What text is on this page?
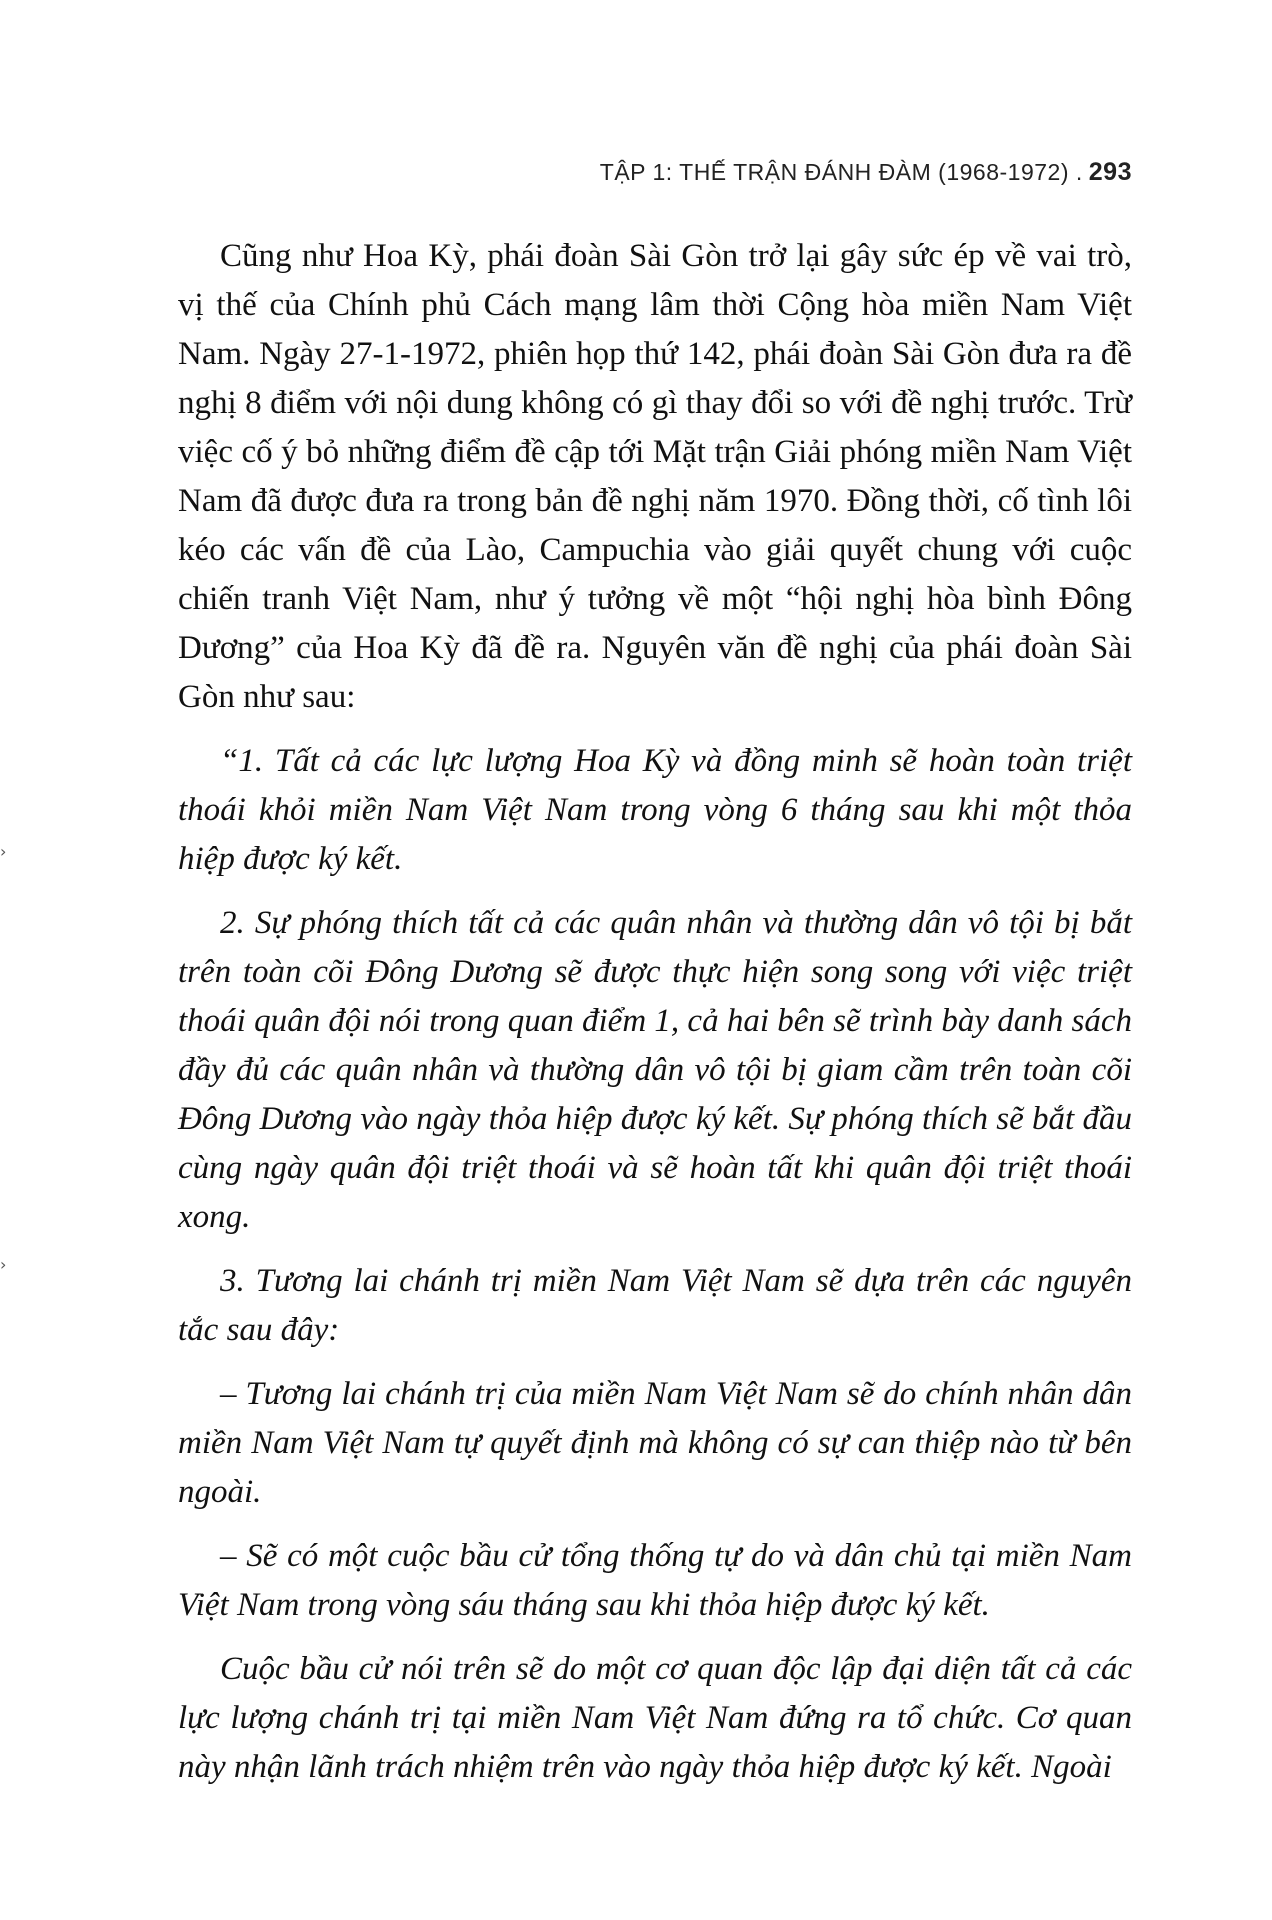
TẬP 1: THẾ TRẬN ĐÁNH ĐÀM (1968-1972) . 293
›
›

Cũng như Hoa Kỳ, phái đoàn Sài Gòn trở lại gây sức ép về vai trò, vị thế của Chính phủ Cách mạng lâm thời Cộng hòa miền Nam Việt Nam. Ngày 27-1-1972, phiên họp thứ 142, phái đoàn Sài Gòn đưa ra đề nghị 8 điểm với nội dung không có gì thay đổi so với đề nghị trước. Trừ việc cố ý bỏ những điểm đề cập tới Mặt trận Giải phóng miền Nam Việt Nam đã được đưa ra trong bản đề nghị năm 1970. Đồng thời, cố tình lôi kéo các vấn đề của Lào, Campuchia vào giải quyết chung với cuộc chiến tranh Việt Nam, như ý tưởng về một “hội nghị hòa bình Đông Dương” của Hoa Kỳ đã đề ra. Nguyên văn đề nghị của phái đoàn Sài Gòn như sau:

“1. Tất cả các lực lượng Hoa Kỳ và đồng minh sẽ hoàn toàn triệt thoái khỏi miền Nam Việt Nam trong vòng 6 tháng sau khi một thỏa hiệp được ký kết.

2. Sự phóng thích tất cả các quân nhân và thường dân vô tội bị bắt trên toàn cõi Đông Dương sẽ được thực hiện song song với việc triệt thoái quân đội nói trong quan điểm 1, cả hai bên sẽ trình bày danh sách đầy đủ các quân nhân và thường dân vô tội bị giam cầm trên toàn cõi Đông Dương vào ngày thỏa hiệp được ký kết. Sự phóng thích sẽ bắt đầu cùng ngày quân đội triệt thoái và sẽ hoàn tất khi quân đội triệt thoái xong.

3. Tương lai chánh trị miền Nam Việt Nam sẽ dựa trên các nguyên tắc sau đây:

– Tương lai chánh trị của miền Nam Việt Nam sẽ do chính nhân dân miền Nam Việt Nam tự quyết định mà không có sự can thiệp nào từ bên ngoài.

– Sẽ có một cuộc bầu cử tổng thống tự do và dân chủ tại miền Nam Việt Nam trong vòng sáu tháng sau khi thỏa hiệp được ký kết.

Cuộc bầu cử nói trên sẽ do một cơ quan độc lập đại diện tất cả các lực lượng chánh trị tại miền Nam Việt Nam đứng ra tổ chức. Cơ quan này nhận lãnh trách nhiệm trên vào ngày thỏa hiệp được ký kết. Ngoài
